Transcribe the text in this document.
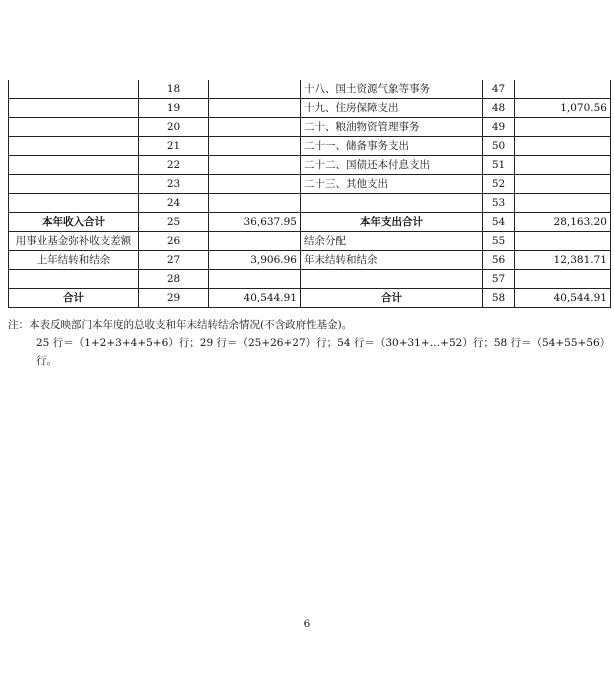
	18		十八、国土资源气象等事务	47	
	19		十九、住房保障支出	48	1,070.56
	20		二十、粮油物资管理事务	49	
	21		二十一、储备事务支出	50	
	22		二十二、国债还本付息支出	51	
	23		二十三、其他支出	52	
	24			53	
本年收入合计	25	36,637.95	本年支出合计	54	28,163.20
用事业基金弥补收支差额	26		结余分配	55	
上年结转和结余	27	3,906.96	年末结转和结余	56	12,381.71
	28			57	
合计	29	40,544.91	合计	58	40,544.91
注：本表反映部门本年度的总收支和年末结转结余情况(不含政府性基金)。
25 行＝（1+2+3+4+5+6）行；29 行＝（25+26+27）行；54 行＝（30+31+…+52）行；58 行＝（54+55+56）行。
6
